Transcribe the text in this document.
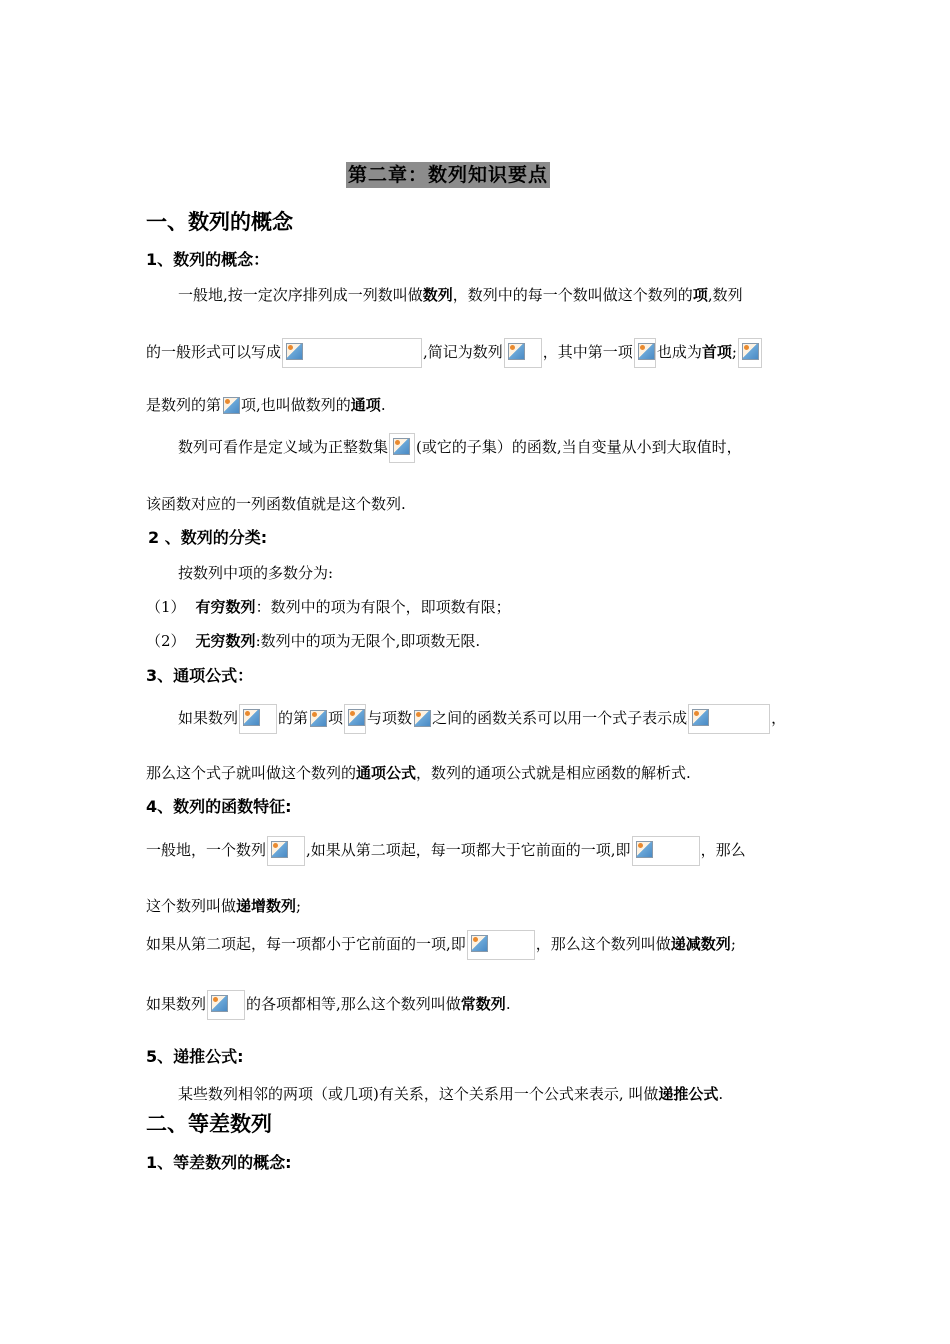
第二章：数列知识要点
一、数列的概念
1、数列的概念：
一般地,按一定次序排列成一列数叫做数列，数列中的每一个数叫做这个数列的项,数列
的一般形式可以写成	,简记为数列	，其中第一项 也成为首项;
是数列的第 项,也叫做数列的通项.
数列可看作是定义域为正整数集 (或它的子集）的函数,当自变量从小到大取值时，
该函数对应的一列函数值就是这个数列.
2 、数列的分类:
按数列中项的多数分为:
（1） 有穷数列：数列中的项为有限个，即项数有限；
（2） 无穷数列:数列中的项为无限个,即项数无限.
3、通项公式：
如果数列	的第 项 与项数 之间的函数关系可以用一个式子表示成	，
那么这个式子就叫做这个数列的通项公式，数列的通项公式就是相应函数的解析式.
4、数列的函数特征:
一般地，一个数列	,如果从第二项起，每一项都大于它前面的一项,即	，那么
这个数列叫做递增数列;
如果从第二项起，每一项都小于它前面的一项,即	，那么这个数列叫做递减数列;
如果数列	的各项都相等,那么这个数列叫做常数列.
5、递推公式:
某些数列相邻的两项（或几项)有关系，这个关系用一个公式来表示, 叫做递推公式.
二、等差数列
1、等差数列的概念:
